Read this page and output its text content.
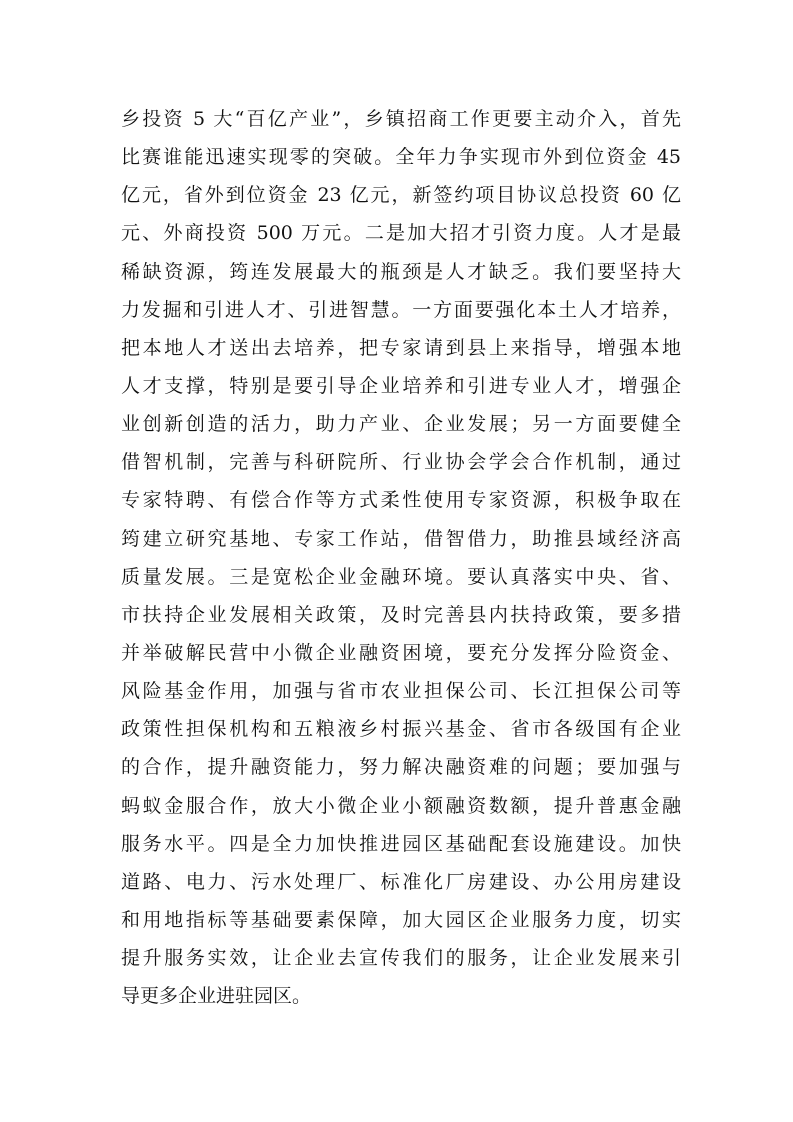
乡投资 5 大“百亿产业”，乡镇招商工作更要主动介入，首先
比赛谁能迅速实现零的突破。全年力争实现市外到位资金 45
亿元，省外到位资金 23 亿元，新签约项目协议总投资 60 亿
元、外商投资 500 万元。二是加大招才引资力度。人才是最
稀缺资源，筠连发展最大的瓶颈是人才缺乏。我们要坚持大
力发掘和引进人才、引进智慧。一方面要强化本土人才培养，
把本地人才送出去培养，把专家请到县上来指导，增强本地
人才支撑，特别是要引导企业培养和引进专业人才，增强企
业创新创造的活力，助力产业、企业发展；另一方面要健全
借智机制，完善与科研院所、行业协会学会合作机制，通过
专家特聘、有偿合作等方式柔性使用专家资源，积极争取在
筠建立研究基地、专家工作站，借智借力，助推县域经济高
质量发展。三是宽松企业金融环境。要认真落实中央、省、
市扶持企业发展相关政策，及时完善县内扶持政策，要多措
并举破解民营中小微企业融资困境，要充分发挥分险资金、
风险基金作用，加强与省市农业担保公司、长江担保公司等
政策性担保机构和五粮液乡村振兴基金、省市各级国有企业
的合作，提升融资能力，努力解决融资难的问题；要加强与
蚂蚁金服合作，放大小微企业小额融资数额，提升普惠金融
服务水平。四是全力加快推进园区基础配套设施建设。加快
道路、电力、污水处理厂、标准化厂房建设、办公用房建设
和用地指标等基础要素保障，加大园区企业服务力度，切实
提升服务实效，让企业去宣传我们的服务，让企业发展来引
导更多企业进驻园区。
